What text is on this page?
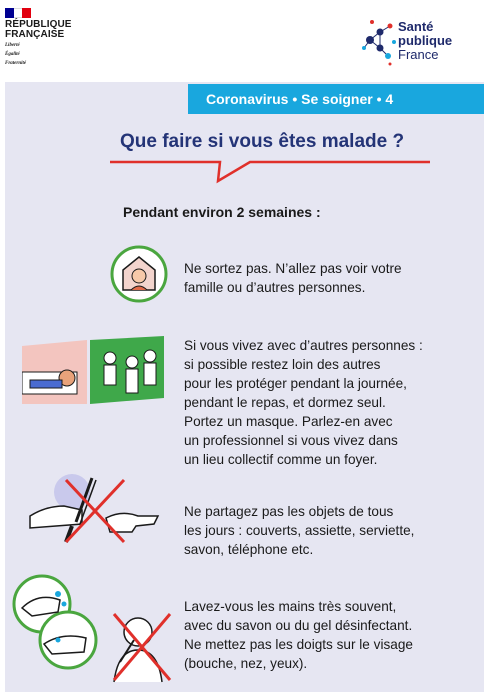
RÉPUBLIQUE
FRANÇAISE
Liberté
Égalité
Fraternité
Santé
publique
France
Coronavirus • Se soigner • 4
Que faire si vous êtes malade ?
Pendant environ 2 semaines :
Ne sortez pas. N’allez pas voir votre
famille ou d’autres personnes.
Si vous vivez avec d’autres personnes :
si possible restez loin des autres
pour les protéger pendant la journée,
pendant le repas, et dormez seul.
Portez un masque. Parlez-en avec
un professionnel si vous vivez dans
un lieu collectif comme un foyer.
Ne partagez pas les objets de tous
les jours : couverts, assiette, serviette,
savon, téléphone etc.
Lavez-vous les mains très souvent,
avec du savon ou du gel désinfectant.
Ne mettez pas les doigts sur le visage
(bouche, nez, yeux).
